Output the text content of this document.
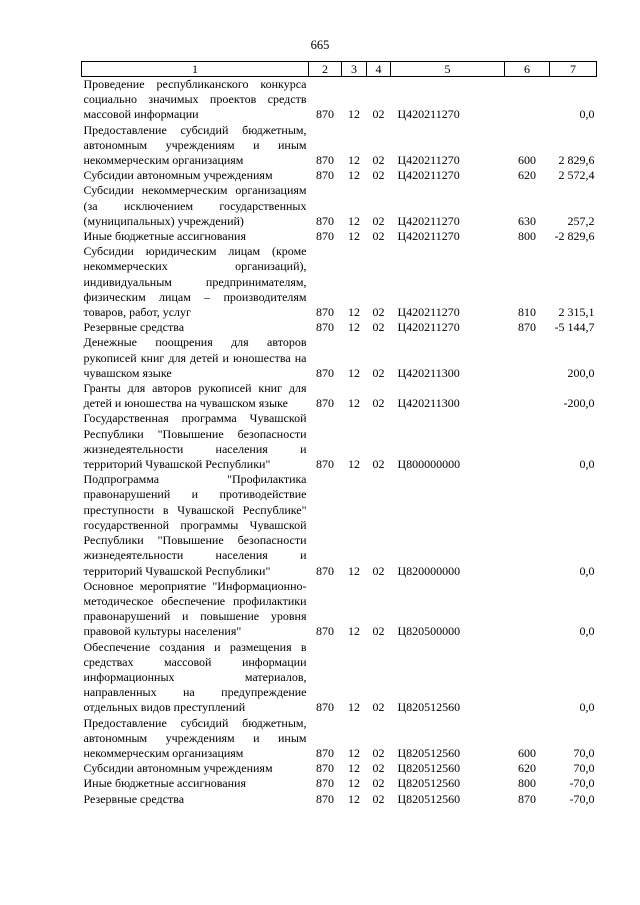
665
1	2	3	4	5	6	7
Проведение республиканского конкурса социально значимых проектов средств массовой информации	870	12	02	Ц420211270		0,0
Предоставление субсидий бюджетным, автономным учреждениям и иным некоммерческим организациям	870	12	02	Ц420211270	600	2 829,6
Субсидии автономным учреждениям	870	12	02	Ц420211270	620	2 572,4
Субсидии некоммерческим организациям (за исключением государственных (муниципальных) учреждений)	870	12	02	Ц420211270	630	257,2
Иные бюджетные ассигнования	870	12	02	Ц420211270	800	-2 829,6
Субсидии юридическим лицам (кроме некоммерческих организаций), индивидуальным предпринимателям, физическим лицам – производителям товаров, работ, услуг	870	12	02	Ц420211270	810	2 315,1
Резервные средства	870	12	02	Ц420211270	870	-5 144,7
Денежные поощрения для авторов рукописей книг для детей и юношества на чувашском языке	870	12	02	Ц420211300		200,0
Гранты для авторов рукописей книг для детей и юношества на чувашском языке	870	12	02	Ц420211300		-200,0
Государственная программа Чувашской Республики "Повышение безопасности жизнедеятельности населения и территорий Чувашской Республики"	870	12	02	Ц800000000		0,0
Подпрограмма "Профилактика правонарушений и противодействие преступности в Чувашской Республике" государственной программы Чувашской Республики "Повышение безопасности жизнедеятельности населения и территорий Чувашской Республики"	870	12	02	Ц820000000		0,0
Основное мероприятие "Информационно-методическое обеспечение профилактики правонарушений и повышение уровня правовой культуры населения"	870	12	02	Ц820500000		0,0
Обеспечение создания и размещения в средствах массовой информации информационных материалов, направленных на предупреждение отдельных видов преступлений	870	12	02	Ц820512560		0,0
Предоставление субсидий бюджетным, автономным учреждениям и иным некоммерческим организациям	870	12	02	Ц820512560	600	70,0
Субсидии автономным учреждениям	870	12	02	Ц820512560	620	70,0
Иные бюджетные ассигнования	870	12	02	Ц820512560	800	-70,0
Резервные средства	870	12	02	Ц820512560	870	-70,0
